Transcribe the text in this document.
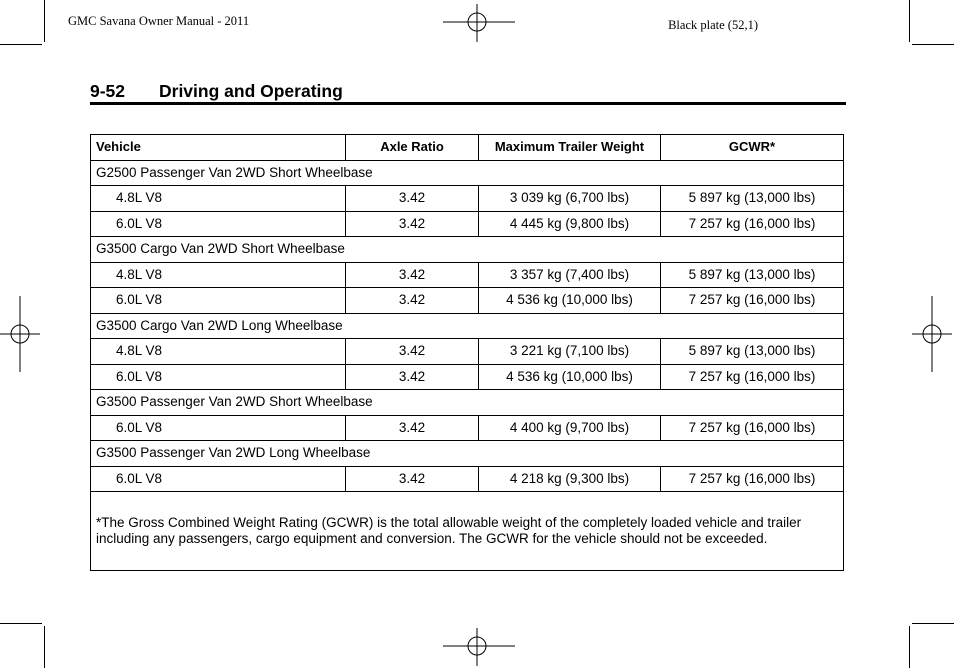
GMC Savana Owner Manual - 2011	Black plate (52,1)
9-52 Driving and Operating
Vehicle	Axle Ratio	Maximum Trailer Weight	GCWR*
G2500 Passenger Van 2WD Short Wheelbase			
4.8L V8	3.42	3 039 kg (6,700 lbs)	5 897 kg (13,000 lbs)
6.0L V8	3.42	4 445 kg (9,800 lbs)	7 257 kg (16,000 lbs)
G3500 Cargo Van 2WD Short Wheelbase			
4.8L V8	3.42	3 357 kg (7,400 lbs)	5 897 kg (13,000 lbs)
6.0L V8	3.42	4 536 kg (10,000 lbs)	7 257 kg (16,000 lbs)
G3500 Cargo Van 2WD Long Wheelbase			
4.8L V8	3.42	3 221 kg (7,100 lbs)	5 897 kg (13,000 lbs)
6.0L V8	3.42	4 536 kg (10,000 lbs)	7 257 kg (16,000 lbs)
G3500 Passenger Van 2WD Short Wheelbase			
6.0L V8	3.42	4 400 kg (9,700 lbs)	7 257 kg (16,000 lbs)
G3500 Passenger Van 2WD Long Wheelbase			
6.0L V8	3.42	4 218 kg (9,300 lbs)	7 257 kg (16,000 lbs)
*The Gross Combined Weight Rating (GCWR) is the total allowable weight of the completely loaded vehicle and trailer including any passengers, cargo equipment and conversion. The GCWR for the vehicle should not be exceeded.			
